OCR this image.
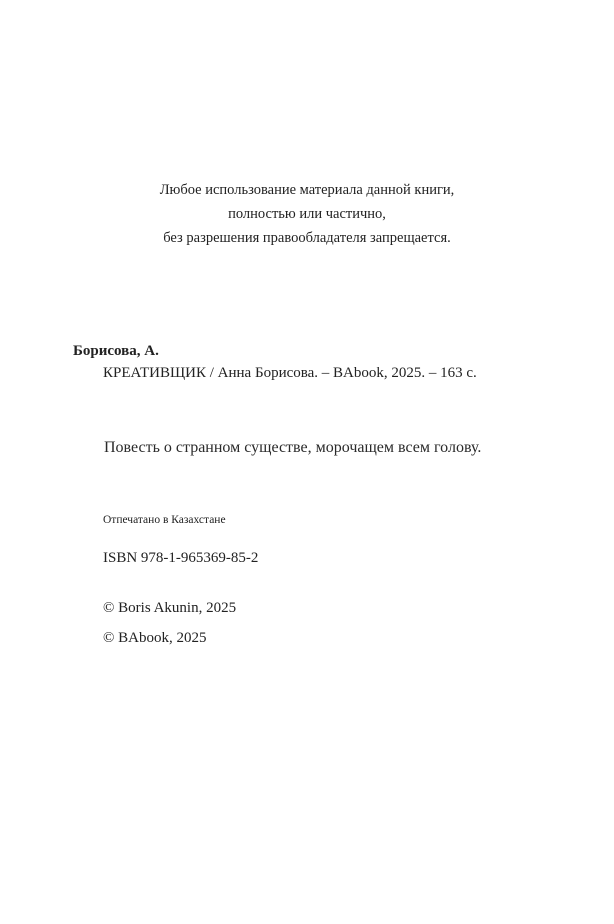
Любое использование материала данной книги,
полностью или частично,
без разрешения правообладателя запрещается.
Борисова, А.
КРЕАТИВЩИК / Анна Борисова. – BAbook, 2025. – 163 с.
Повесть о странном существе, морочащем всем голову.
Отпечатано в Казахстане
ISBN 978-1-965369-85-2
© Boris Akunin, 2025
© BAbook, 2025
